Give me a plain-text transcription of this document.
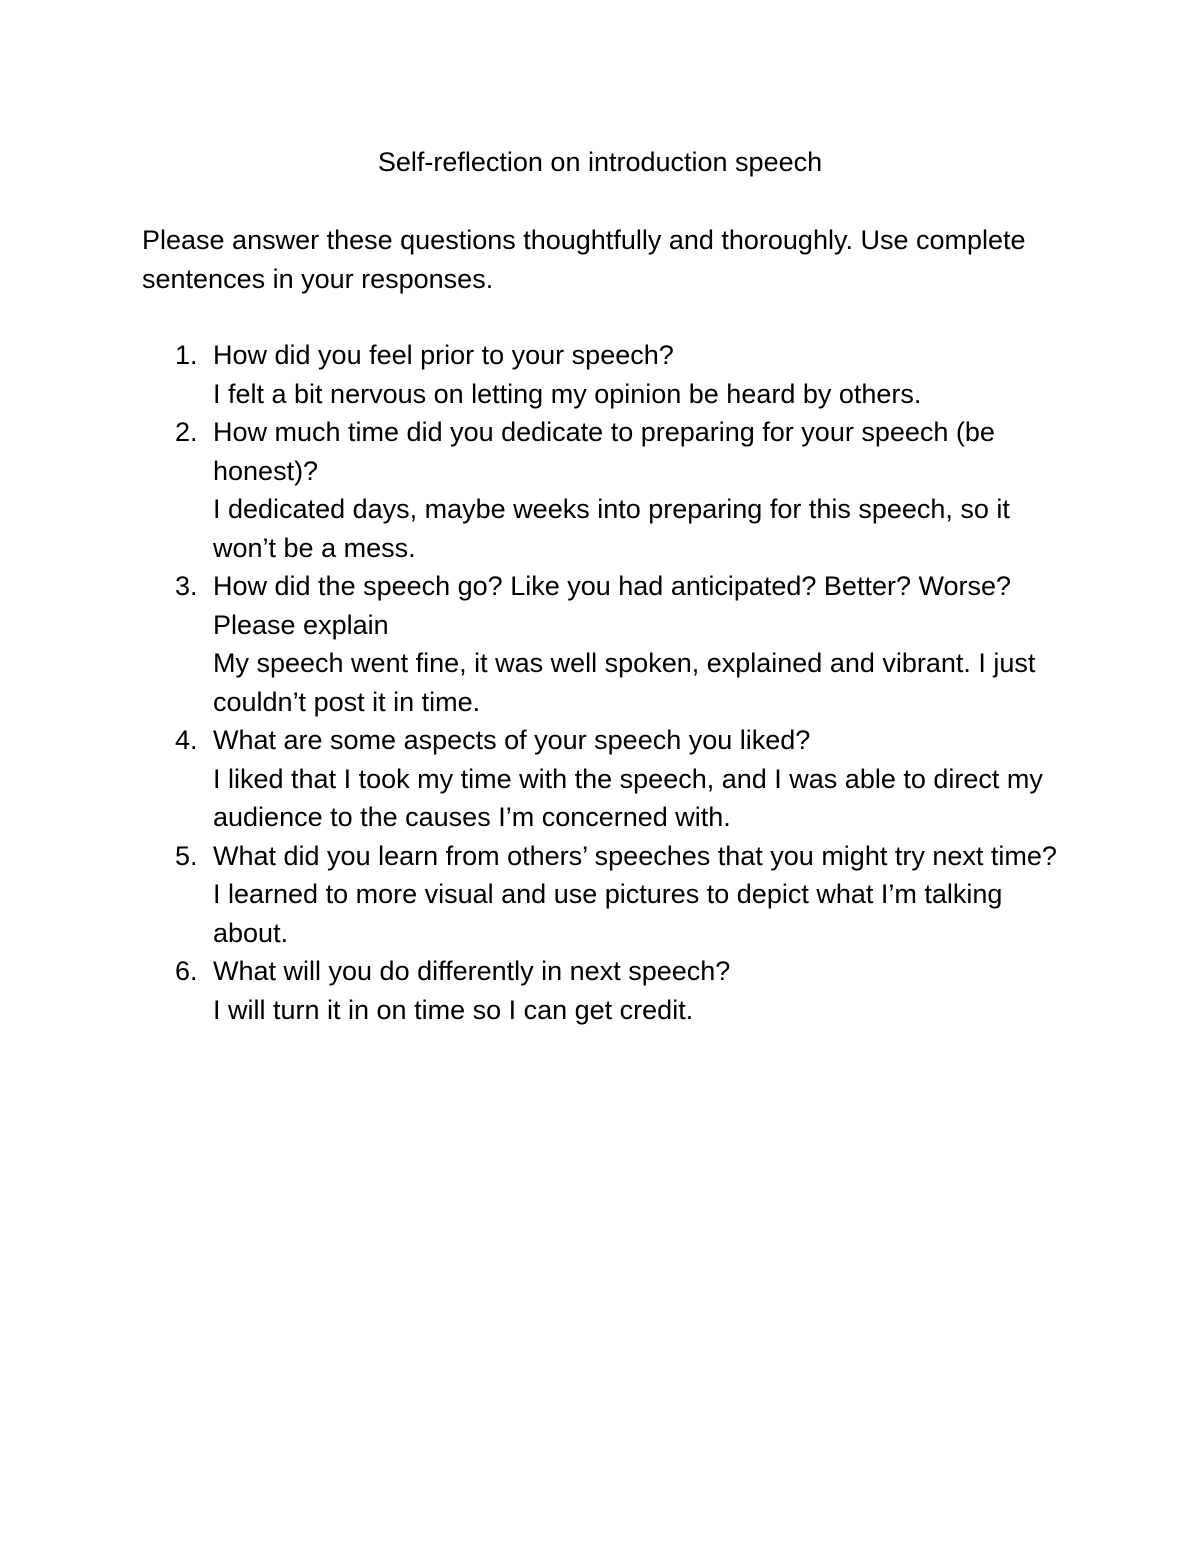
Self-reflection on introduction speech

Please answer these questions thoughtfully and thoroughly. Use complete sentences in your responses.

1. How did you feel prior to your speech?
I felt a bit nervous on letting my opinion be heard by others.
2. How much time did you dedicate to preparing for your speech (be honest)?
I dedicated days, maybe weeks into preparing for this speech, so it won’t be a mess.
3. How did the speech go? Like you had anticipated? Better? Worse? Please explain
My speech went fine, it was well spoken, explained and vibrant. I just couldn’t post it in time.
4. What are some aspects of your speech you liked?
I liked that I took my time with the speech, and I was able to direct my audience to the causes I’m concerned with.
5. What did you learn from others’ speeches that you might try next time?
I learned to more visual and use pictures to depict what I’m talking about.
6. What will you do differently in next speech?
I will turn it in on time so I can get credit.
